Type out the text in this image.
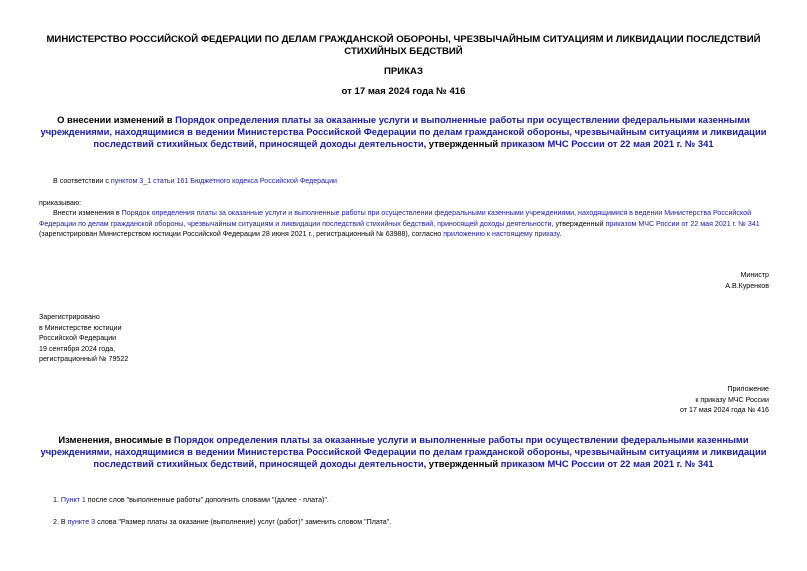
МИНИСТЕРСТВО РОССИЙСКОЙ ФЕДЕРАЦИИ ПО ДЕЛАМ ГРАЖДАНСКОЙ ОБОРОНЫ, ЧРЕЗВЫЧАЙНЫМ СИТУАЦИЯМ И ЛИКВИДАЦИИ ПОСЛЕДСТВИЙ СТИХИЙНЫХ БЕДСТВИЙ
ПРИКАЗ
от 17 мая 2024 года № 416
О внесении изменений в Порядок определения платы за оказанные услуги и выполненные работы при осуществлении федеральными казенными учреждениями, находящимися в ведении Министерства Российской Федерации по делам гражданской обороны, чрезвычайным ситуациям и ликвидации последствий стихийных бедствий, приносящей доходы деятельности, утвержденный приказом МЧС России от 22 мая 2021 г. № 341
В соответствии с пунктом 3_1 статьи 161 Бюджетного кодекса Российской Федерации
приказываю:
Внести изменения в Порядок определения платы за оказанные услуги и выполненные работы при осуществлении федеральными казенными учреждениями, находящимися в ведении Министерства Российской Федерации по делам гражданской обороны, чрезвычайным ситуациям и ликвидации последствий стихийных бедствий, приносящей доходы деятельности, утвержденный приказом МЧС России от 22 мая 2021 г. № 341 (зарегистрирован Министерством юстиции Российской Федерации 28 июня 2021 г., регистрационный № 63988), согласно приложению к настоящему приказу.
Министр
А.В.Куренков
Зарегистрировано
в Министерстве юстиции
Российской Федерации
19 сентября 2024 года,
регистрационный № 79522
Приложение
к приказу МЧС России
от 17 мая 2024 года № 416
Изменения, вносимые в Порядок определения платы за оказанные услуги и выполненные работы при осуществлении федеральными казенными учреждениями, находящимися в ведении Министерства Российской Федерации по делам гражданской обороны, чрезвычайным ситуациям и ликвидации последствий стихийных бедствий, приносящей доходы деятельности, утвержденный приказом МЧС России от 22 мая 2021 г. № 341
1. Пункт 1 после слов "выполненные работы" дополнить словами "(далее - плата)".
2. В пункте 3 слова "Размер платы за оказание (выполнение) услуг (работ)" заменить словом "Плата".
